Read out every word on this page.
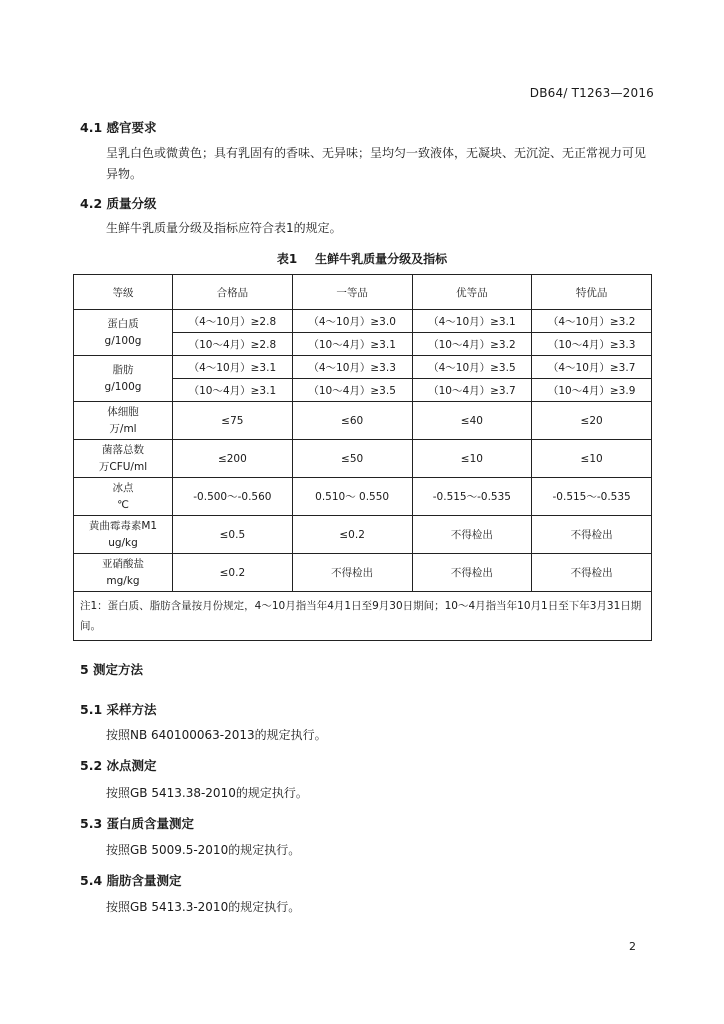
DB64/ T1263—2016
4.1 感官要求
呈乳白色或微黄色；具有乳固有的香味、无异味；呈均匀一致液体，无凝块、无沉淀、无正常视力可见异物。
4.2 质量分级
生鲜牛乳质量分级及指标应符合表1的规定。
表1 生鲜牛乳质量分级及指标
等级	合格品	一等品	优等品	特优品

蛋白质
g/100g	（4～10月）≥2.8	（4～10月）≥3.0	（4～10月）≥3.1	（4～10月）≥3.2
	（10～4月）≥2.8	（10～4月）≥3.1	（10～4月）≥3.2	（10～4月）≥3.3

脂肪
g/100g	（4～10月）≥3.1	（4～10月）≥3.3	（4～10月）≥3.5	（4～10月）≥3.7
	（10～4月）≥3.1	（10～4月）≥3.5	（10～4月）≥3.7	（10～4月）≥3.9

体细胞
万/ml	≤75	≤60	≤40	≤20

菌落总数
万CFU/ml	≤200	≤50	≤10	≤10

冰点
℃	-0.500～-0.560	0.510～ 0.550	-0.515～-0.535	-0.515～-0.535

黄曲霉毒素M1
ug/kg	≤0.5	≤0.2	不得检出	不得检出

亚硝酸盐
mg/kg	≤0.2	不得检出	不得检出	不得检出
注1：蛋白质、脂肪含量按月份规定，4～10月指当年4月1日至9月30日期间；10～4月指当年10月1日至下年3月31日期间。				
5 测定方法
5.1 采样方法
按照NB 640100063-2013的规定执行。
5.2 冰点测定
按照GB 5413.38-2010的规定执行。
5.3 蛋白质含量测定
按照GB 5009.5-2010的规定执行。
5.4 脂肪含量测定
按照GB 5413.3-2010的规定执行。
2
